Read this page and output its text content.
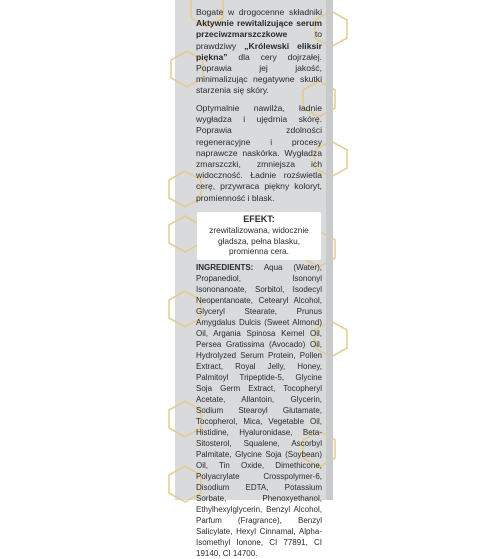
Bogate w drogocenne składniki Aktywnie rewitalizujące serum przeciwzmarszczkowe	to prawdziwy „Królewski eliksir piękna” dla cery dojrzałej. Poprawia jej jakość, minimalizując negatywne skutki starzenia się skóry.
Optymalnie nawilża, ładnie wygładza i ujędrnia skórę. Poprawia zdolności regeneracyjne i procesy naprawcze naskórka. Wygładza zmarszczki, zmniejsza ich widoczność. Ładnie rozświetla cerę, przywraca piękny koloryt, promienność i blask.
EFEKT:
zrewitalizowana, widocznie gładsza, pełna blasku, promienna cera.
INGREDIENTS: Aqua (Water), Propanediol, Isononyl Isononanoate, Sorbitol, Isodecyl Neopentanoate, Cetearyl Alcohol, Glyceryl Stearate, Prunus Amygdalus Dulcis (Sweet Almond) Oil, Argania Spinosa Kernel Oil, Persea Gratissima (Avocado) Oil, Hydrolyzed Serum Protein, Pollen Extract, Royal Jelly, Honey, Palmitoyl Tripeptide-5, Glycine Soja Germ Extract, Tocopheryl Acetate, Allantoin, Glycerin, Sodium Stearoyl Glutamate, Tocopherol, Mica, Vegetable Oil, Histidine, Hyaluronidase, Beta-Sitosterol, Squalene, Ascorbyl Palmitate, Glycine Soja (Soybean) Oil, Tin Oxide, Dimethicone, Polyacrylate Crosspolymer-6, Disodium EDTA, Potassium Sorbate, Phenoxyethanol, Ethylhexylglycerin, Benzyl Alcohol, Parfum (Fragrance), Benzyl Salicylate, Hexyl Cinnamal, Alpha-Isomethyl Ionone, CI 77891, CI 19140, CI 14700.
